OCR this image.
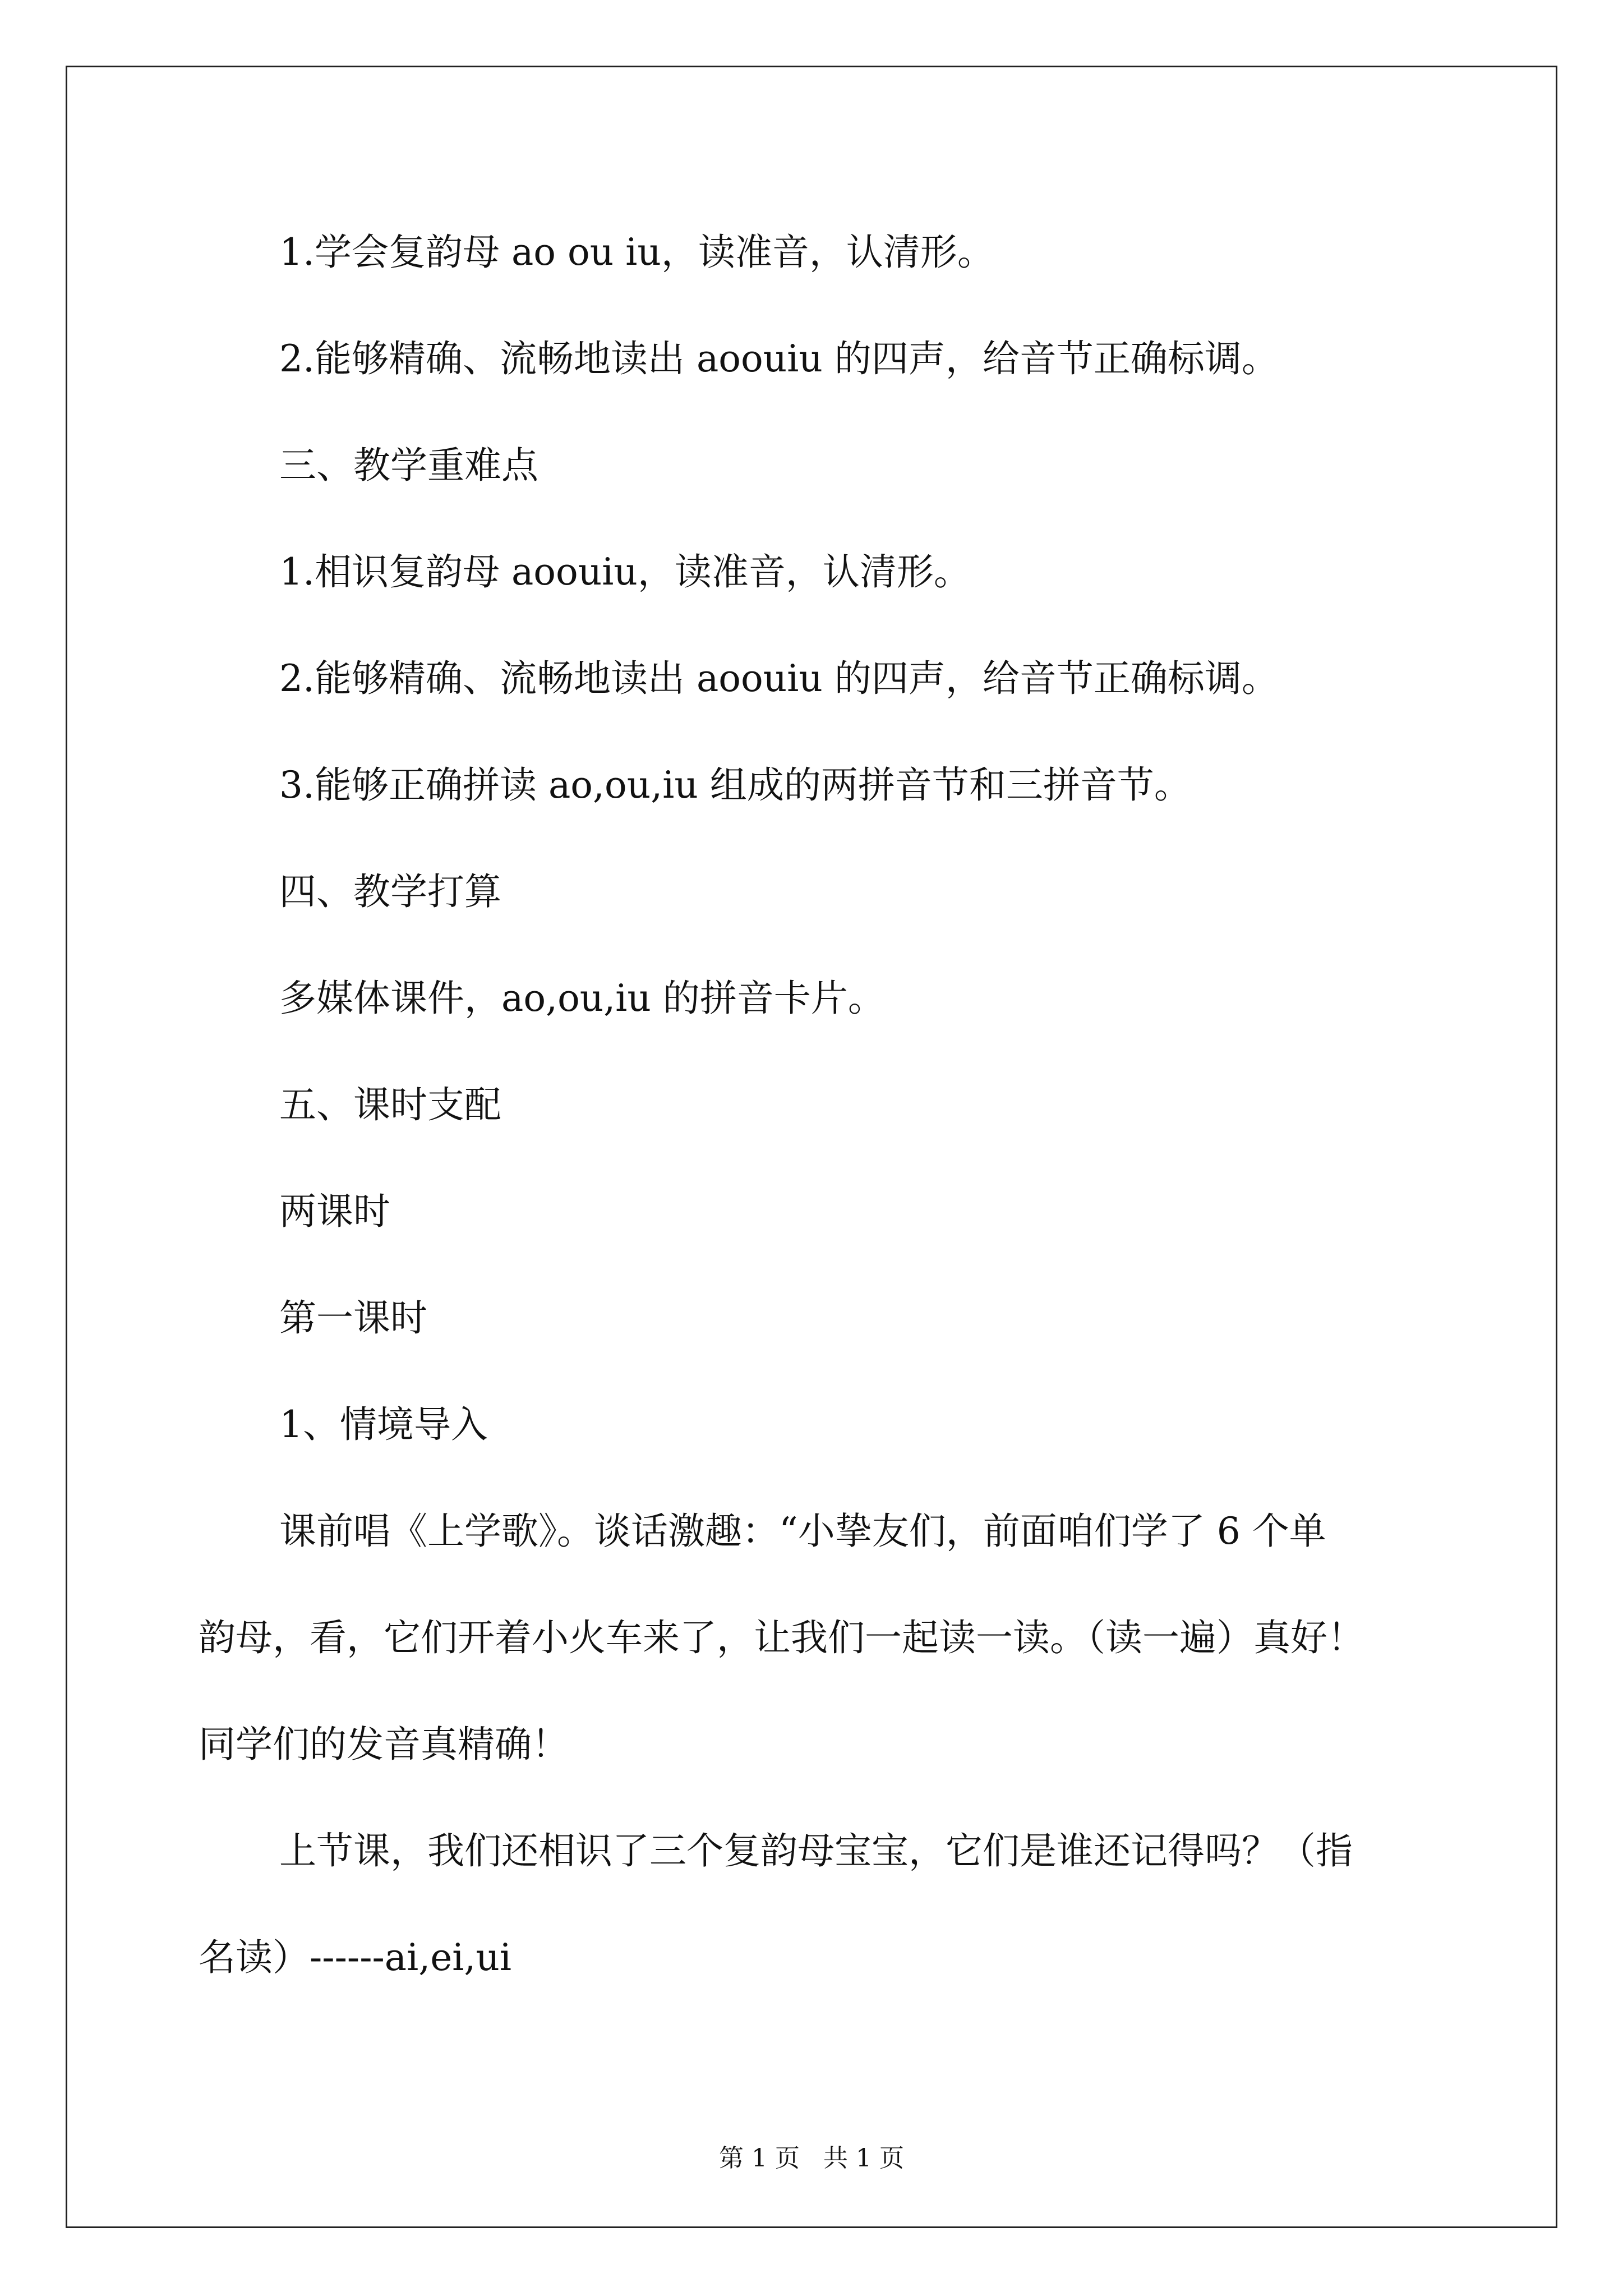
1.学会复韵母 ao ou iu，读准音，认清形。
2.能够精确、流畅地读出 aoouiu 的四声，给音节正确标调。
三、教学重难点
1.相识复韵母 aoouiu，读准音，认清形。
2.能够精确、流畅地读出 aoouiu 的四声，给音节正确标调。
3.能够正确拼读 ao,ou,iu 组成的两拼音节和三拼音节。
四、教学打算
多媒体课件，ao,ou,iu 的拼音卡片。
五、课时支配
两课时
第一课时
1、情境导入
课前唱《上学歌》。谈话激趣：“小挚友们，前面咱们学了 6 个单
韵母，看，它们开着小火车来了，让我们一起读一读。（读一遍）真好！
同学们的发音真精确！
上节课，我们还相识了三个复韵母宝宝，它们是谁还记得吗？（指
名读）------ai,ei,ui
第 1 页 共 1 页
